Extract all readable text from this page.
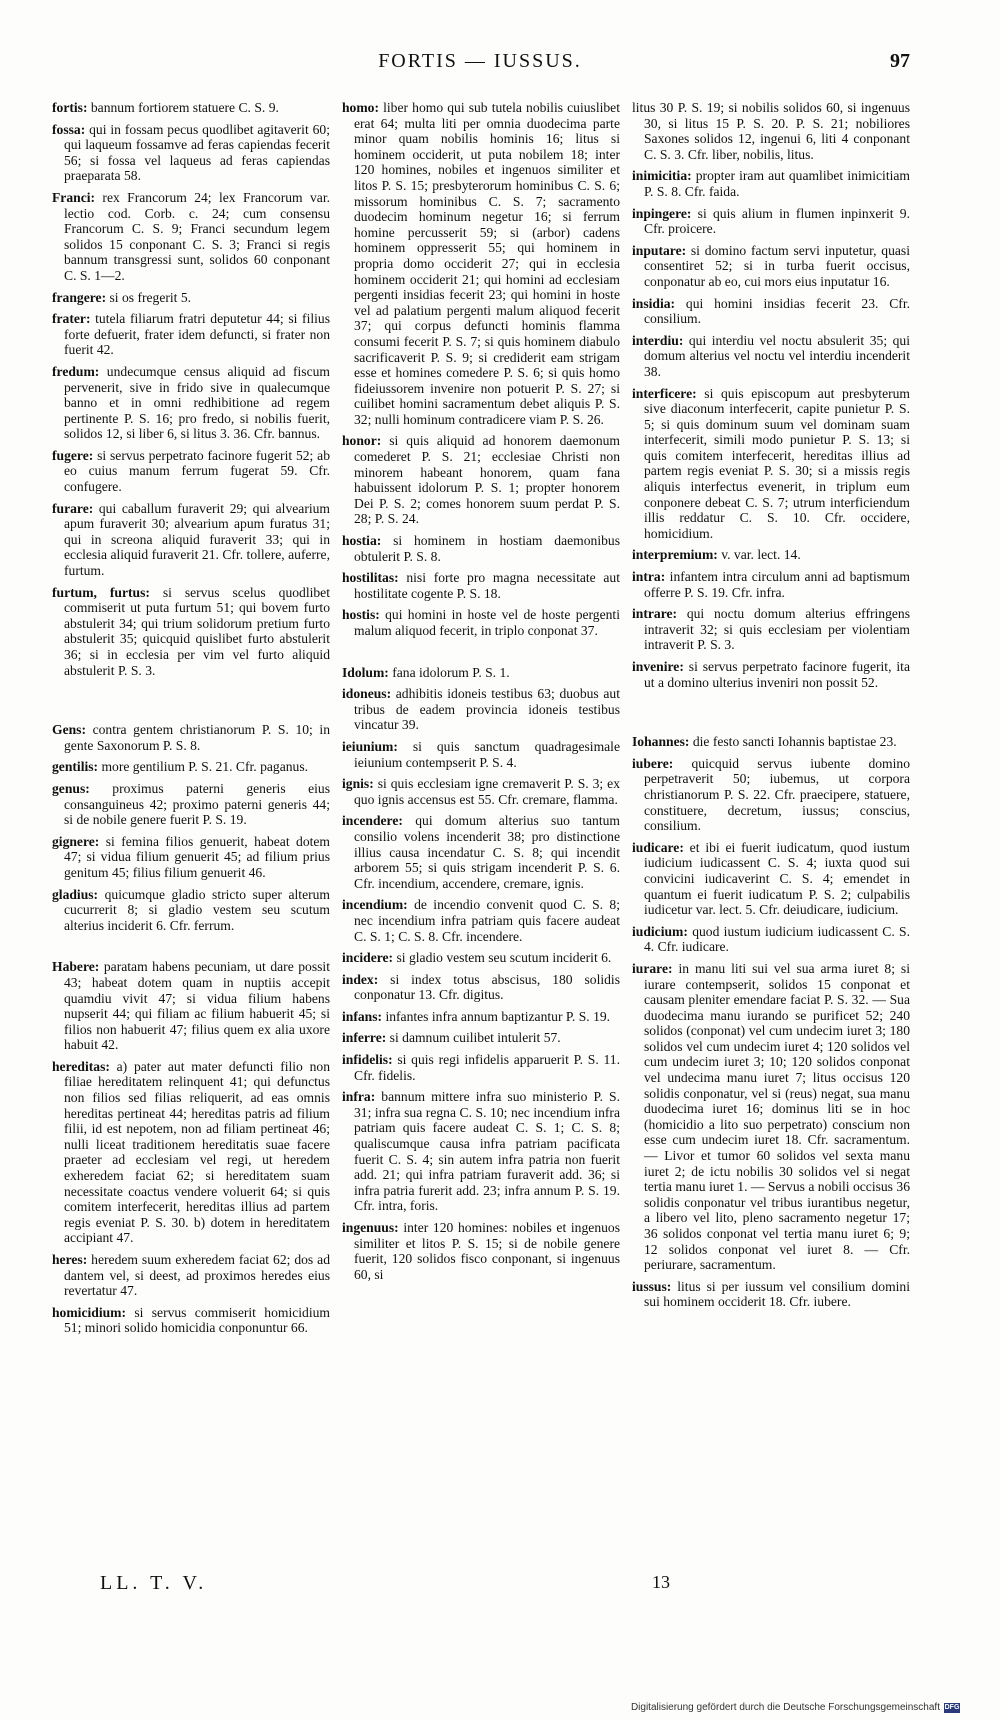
FORTIS — IUSSUS.	97

fortis: bannum fortiorem statuere C. S. 9.

fossa: qui in fossam pecus quodlibet agitaverit 60; qui laqueum fossamve ad feras capiendas fecerit 56; si fossa vel laqueus ad feras capiendas praeparata 58.

Franci: rex Francorum 24; lex Francorum var. lectio cod. Corb. c. 24; cum consensu Francorum C. S. 9; Franci secundum legem solidos 15 conponant C. S. 3; Franci si regis bannum transgressi sunt, solidos 60 conponant C. S. 1—2.

frangere: si os fregerit 5.

frater: tutela filiarum fratri deputetur 44; si filius forte defuerit, frater idem defuncti, si frater non fuerit 42.

fredum: undecumque census aliquid ad fiscum pervenerit, sive in frido sive in qualecumque banno et in omni redhibitione ad regem pertinente P. S. 16; pro fredo, si nobilis fuerit, solidos 12, si liber 6, si litus 3. 36. Cfr. bannus.

fugere: si servus perpetrato facinore fugerit 52; ab eo cuius manum ferrum fugerat 59. Cfr. confugere.

furare: qui caballum furaverit 29; qui alvearium apum furaverit 30; alvearium apum furatus 31; qui in screona aliquid furaverit 33; qui in ecclesia aliquid furaverit 21. Cfr. tollere, auferre, furtum.

furtum, furtus: si servus scelus quodlibet commiserit ut puta furtum 51; qui bovem furto abstulerit 34; qui trium solidorum pretium furto abstulerit 35; quicquid quislibet furto abstulerit 36; si in ecclesia per vim vel furto aliquid abstulerit P. S. 3.

Gens: contra gentem christianorum P. S. 10; in gente Saxonorum P. S. 8.

gentilis: more gentilium P. S. 21. Cfr. paganus.

genus: proximus paterni generis eius consanguineus 42; proximo paterni generis 44; si de nobile genere fuerit P. S. 19.

gignere: si femina filios genuerit, habeat dotem 47; si vidua filium genuerit 45; ad filium prius genitum 45; filius filium genuerit 46.

gladius: quicumque gladio stricto super alterum cucurrerit 8; si gladio vestem seu scutum alterius inciderit 6. Cfr. ferrum.

Habere: paratam habens pecuniam, ut dare possit 43; habeat dotem quam in nuptiis accepit quamdiu vivit 47; si vidua filium habens nupserit 44; qui filiam ac filium habuerit 45; si filios non habuerit 47; filius quem ex alia uxore habuit 42.

hereditas: a) pater aut mater defuncti filio non filiae hereditatem relinquent 41; qui defunctus non filios sed filias reliquerit, ad eas omnis hereditas pertineat 44; hereditas patris ad filium filii, id est nepotem, non ad filiam pertineat 46; nulli liceat traditionem hereditatis suae facere praeter ad ecclesiam vel regi, ut heredem exheredem faciat 62; si hereditatem suam necessitate coactus vendere voluerit 64; si quis comitem interfecerit, hereditas illius ad partem regis eveniat P. S. 30. b) dotem in hereditatem accipiant 47.

heres: heredem suum exheredem faciat 62; dos ad dantem vel, si deest, ad proximos heredes eius revertatur 47.

homicidium: si servus commiserit homicidium 51; minori solido homicidia conponuntur 66.

homo: liber homo qui sub tutela nobilis cuiuslibet erat 64; multa liti per omnia duodecima parte minor quam nobilis hominis 16; litus si hominem occiderit, ut puta nobilem 18; inter 120 homines, nobiles et ingenuos similiter et litos P. S. 15; presbyterorum hominibus C. S. 6; missorum hominibus C. S. 7; sacramento duodecim hominum negetur 16; si ferrum homine percusserit 59; si (arbor) cadens hominem oppresserit 55; qui hominem in propria domo occiderit 27; qui in ecclesia hominem occiderit 21; qui homini ad ecclesiam pergenti insidias fecerit 23; qui homini in hoste vel ad palatium pergenti malum aliquod fecerit 37; qui corpus defuncti hominis flamma consumi fecerit P. S. 7; si quis hominem diabulo sacrificaverit P. S. 9; si crediderit eam strigam esse et homines comedere P. S. 6; si quis homo fideiussorem invenire non potuerit P. S. 27; si cuilibet homini sacramentum debet aliquis P. S. 32; nulli hominum contradicere viam P. S. 26.

honor: si quis aliquid ad honorem daemonum comederet P. S. 21; ecclesiae Christi non minorem habeant honorem, quam fana habuissent idolorum P. S. 1; propter honorem Dei P. S. 2; comes honorem suum perdat P. S. 28; P. S. 24.

hostia: si hominem in hostiam daemonibus obtulerit P. S. 8.

hostilitas: nisi forte pro magna necessitate aut hostilitate cogente P. S. 18.

hostis: qui homini in hoste vel de hoste pergenti malum aliquod fecerit, in triplo conponat 37.

Idolum: fana idolorum P. S. 1.

idoneus: adhibitis idoneis testibus 63; duobus aut tribus de eadem provincia idoneis testibus vincatur 39.

ieiunium: si quis sanctum quadragesimale ieiunium contempserit P. S. 4.

ignis: si quis ecclesiam igne cremaverit P. S. 3; ex quo ignis accensus est 55. Cfr. cremare, flamma.

incendere: qui domum alterius suo tantum consilio volens incenderit 38; pro distinctione illius causa incendatur C. S. 8; qui incendit arborem 55; si quis strigam incenderit P. S. 6. Cfr. incendium, accendere, cremare, ignis.

incendium: de incendio convenit quod C. S. 8; nec incendium infra patriam quis facere audeat C. S. 1; C. S. 8. Cfr. incendere.

incidere: si gladio vestem seu scutum inciderit 6.

index: si index totus abscisus, 180 solidis conponatur 13. Cfr. digitus.

infans: infantes infra annum baptizantur P. S. 19.

inferre: si damnum cuilibet intulerit 57.

infidelis: si quis regi infidelis apparuerit P. S. 11. Cfr. fidelis.

infra: bannum mittere infra suo ministerio P. S. 31; infra sua regna C. S. 10; nec incendium infra patriam quis facere audeat C. S. 1; C. S. 8; qualiscumque causa infra patriam pacificata fuerit C. S. 4; sin autem infra patria non fuerit add. 21; qui infra patriam furaverit add. 36; si infra patria furerit add. 23; infra annum P. S. 19. Cfr. intra, foris.

ingenuus: inter 120 homines: nobiles et ingenuos similiter et litos P. S. 15; si de nobile genere fuerit, 120 solidos fisco conponant, si ingenuus 60, si

litus 30 P. S. 19; si nobilis solidos 60, si ingenuus 30, si litus 15 P. S. 20. P. S. 21; nobiliores Saxones solidos 12, ingenui 6, liti 4 conponant C. S. 3. Cfr. liber, nobilis, litus.

inimicitia: propter iram aut quamlibet inimicitiam P. S. 8. Cfr. faida.

inpingere: si quis alium in flumen inpinxerit 9. Cfr. proicere.

inputare: si domino factum servi inputetur, quasi consentiret 52; si in turba fuerit occisus, conponatur ab eo, cui mors eius inputatur 16.

insidia: qui homini insidias fecerit 23. Cfr. consilium.

interdiu: qui interdiu vel noctu absulerit 35; qui domum alterius vel noctu vel interdiu incenderit 38.

interficere: si quis episcopum aut presbyterum sive diaconum interfecerit, capite punietur P. S. 5; si quis dominum suum vel dominam suam interfecerit, simili modo punietur P. S. 13; si quis comitem interfecerit, hereditas illius ad partem regis eveniat P. S. 30; si a missis regis aliquis interfectus evenerit, in triplum eum conponere debeat C. S. 7; utrum interficiendum illis reddatur C. S. 10. Cfr. occidere, homicidium.

interpremium: v. var. lect. 14.

intra: infantem intra circulum anni ad baptismum offerre P. S. 19. Cfr. infra.

intrare: qui noctu domum alterius effringens intraverit 32; si quis ecclesiam per violentiam intraverit P. S. 3.

invenire: si servus perpetrato facinore fugerit, ita ut a domino ulterius inveniri non possit 52.

Iohannes: die festo sancti Iohannis baptistae 23.

iubere: quicquid servus iubente domino perpetraverit 50; iubemus, ut corpora christianorum P. S. 22. Cfr. praecipere, statuere, constituere, decretum, iussus; conscius, consilium.

iudicare: et ibi ei fuerit iudicatum, quod iustum iudicium iudicassent C. S. 4; iuxta quod sui convicini iudicaverint C. S. 4; emendet in quantum ei fuerit iudicatum P. S. 2; culpabilis iudicetur var. lect. 5. Cfr. deiudicare, iudicium.

iudicium: quod iustum iudicium iudicassent C. S. 4. Cfr. iudicare.

iurare: in manu liti sui vel sua arma iuret 8; si iurare contempserit, solidos 15 conponat et causam pleniter emendare faciat P. S. 32. — Sua duodecima manu iurando se purificet 52; 240 solidos (conponat) vel cum undecim iuret 3; 180 solidos vel cum undecim iuret 4; 120 solidos vel cum undecim iuret 3; 10; 120 solidos conponat vel undecima manu iuret 7; litus occisus 120 solidis conponatur, vel si (reus) negat, sua manu duodecima iuret 16; dominus liti se in hoc (homicidio a lito suo perpetrato) conscium non esse cum undecim iuret 18. Cfr. sacramentum. — Livor et tumor 60 solidos vel sexta manu iuret 2; de ictu nobilis 30 solidos vel si negat tertia manu iuret 1. — Servus a nobili occisus 36 solidis conponatur vel tribus iurantibus negetur, a libero vel lito, pleno sacramento negetur 17; 36 solidos conponat vel tertia manu iuret 6; 9; 12 solidos conponat vel iuret 8. — Cfr. periurare, sacramentum.

iussus: litus si per iussum vel consilium domini sui hominem occiderit 18. Cfr. iubere.

LL. T. V.	13
Digitalisierung gefördert durch die Deutsche Forschungsgemeinschaft DFG
